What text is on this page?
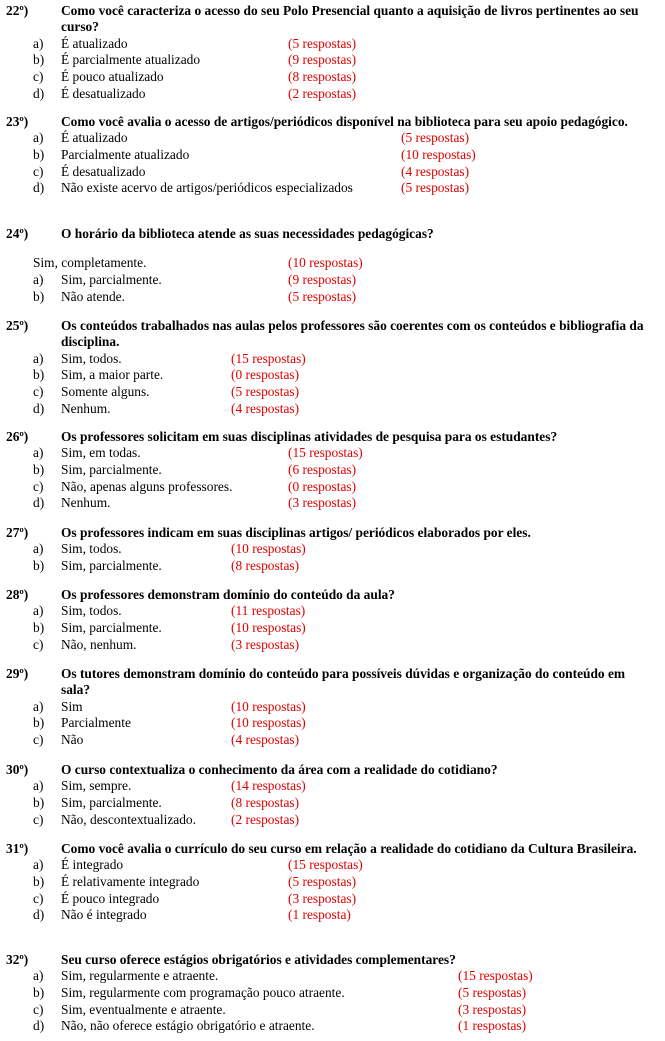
22º) Como você caracteriza o acesso do seu Polo Presencial quanto a aquisição de livros pertinentes ao seu curso?
a) É atualizado	(5 respostas)
b) É parcialmente atualizado	(9 respostas)
c) É pouco atualizado	(8 respostas)
d) É desatualizado	(2 respostas)
23º) Como você avalia o acesso de artigos/periódicos disponível na biblioteca para seu apoio pedagógico.
a) É atualizado	(5 respostas)
b) Parcialmente atualizado	(10 respostas)
c) É desatualizado	(4 respostas)
d) Não existe acervo de artigos/periódicos especializados	(5 respostas)
24º) O horário da biblioteca atende as suas necessidades pedagógicas?
Sim, completamente.	(10 respostas)
a) Sim, parcialmente.	(9 respostas)
b) Não atende.	(5 respostas)
25º) Os conteúdos trabalhados nas aulas pelos professores são coerentes com os conteúdos e bibliografia da disciplina.
a) Sim, todos.	(15 respostas)
b) Sim, a maior parte.	(0 respostas)
c) Somente alguns.	(5 respostas)
d) Nenhum.	(4 respostas)
26º) Os professores solicitam em suas disciplinas atividades de pesquisa para os estudantes?
a) Sim, em todas.	(15 respostas)
b) Sim, parcialmente.	(6 respostas)
c) Não, apenas alguns professores.	(0 respostas)
d) Nenhum.	(3 respostas)
27º) Os professores indicam em suas disciplinas artigos/ periódicos elaborados por eles.
a) Sim, todos.	(10 respostas)
b) Sim, parcialmente.	(8 respostas)
28º) Os professores demonstram domínio do conteúdo da aula?
a) Sim, todos.	(11 respostas)
b) Sim, parcialmente.	(10 respostas)
c) Não, nenhum.	(3 respostas)
29º) Os tutores demonstram domínio do conteúdo para possíveis dúvidas e organização do conteúdo em sala?
a) Sim	(10 respostas)
b) Parcialmente	(10 respostas)
c) Não	(4 respostas)
30º) O curso contextualiza o conhecimento da área com a realidade do cotidiano?
a) Sim, sempre.	(14 respostas)
b) Sim, parcialmente.	(8 respostas)
c) Não, descontextualizado.	(2 respostas)
31º) Como você avalia o currículo do seu curso em relação a realidade do cotidiano da Cultura Brasileira.
a) É integrado	(15 respostas)
b) É relativamente integrado	(5 respostas)
c) É pouco integrado	(3 respostas)
d) Não é integrado	(1 resposta)
32º) Seu curso oferece estágios obrigatórios e atividades complementares?
a) Sim, regularmente e atraente.	(15 respostas)
b) Sim, regularmente com programação pouco atraente.	(5 respostas)
c) Sim, eventualmente e atraente.	(3 respostas)
d) Não, não oferece estágio obrigatório e atraente.	(1 respostas)
